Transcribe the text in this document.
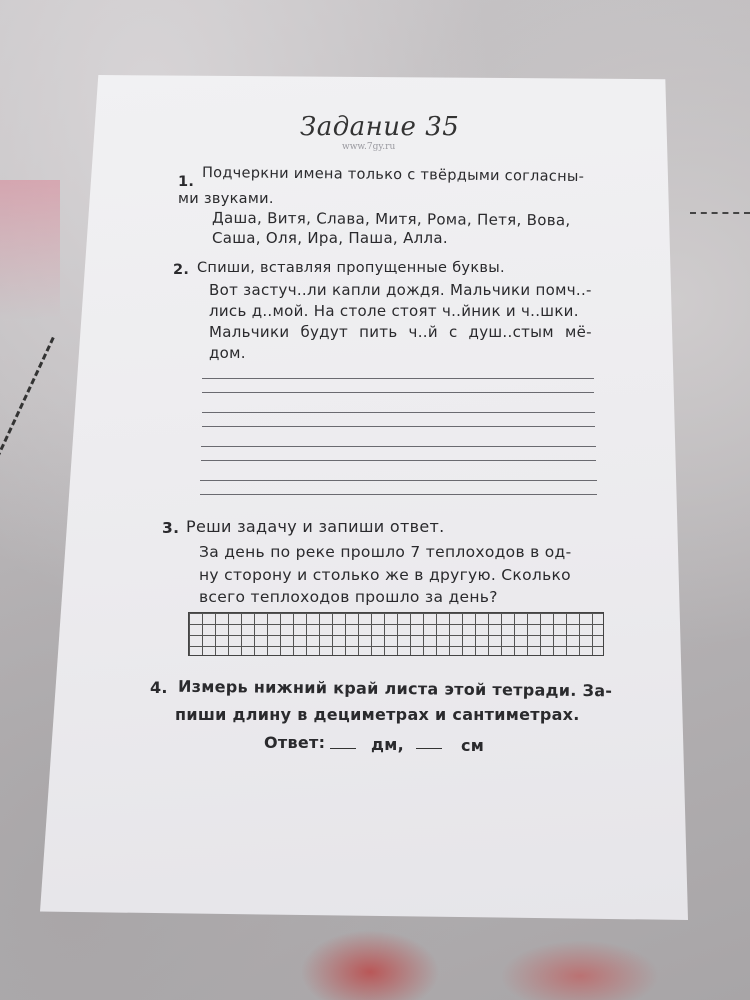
Задание 35
www.7gy.ru
1. Подчеркни имена только с твёрдыми согласны-
ми звуками.
Даша, Витя, Слава, Митя, Рома, Петя, Вова,
Саша, Оля, Ира, Паша, Алла.
2. Спиши, вставляя пропущенные буквы.
Вот застуч..ли капли дождя. Мальчики помч..-
лись д..мой. На столе стоят ч..йник и ч..шки.
Мальчики будут пить ч..й с душ..стым мё-
дом.
3. Реши задачу и запиши ответ.
За день по реке прошло 7 теплоходов в од-
ну сторону и столько же в другую. Сколько
всего теплоходов прошло за день?
4. Измерь нижний край листа этой тетради. За-
пиши длину в дециметрах и сантиметрах.
Ответ:	дм,	см
